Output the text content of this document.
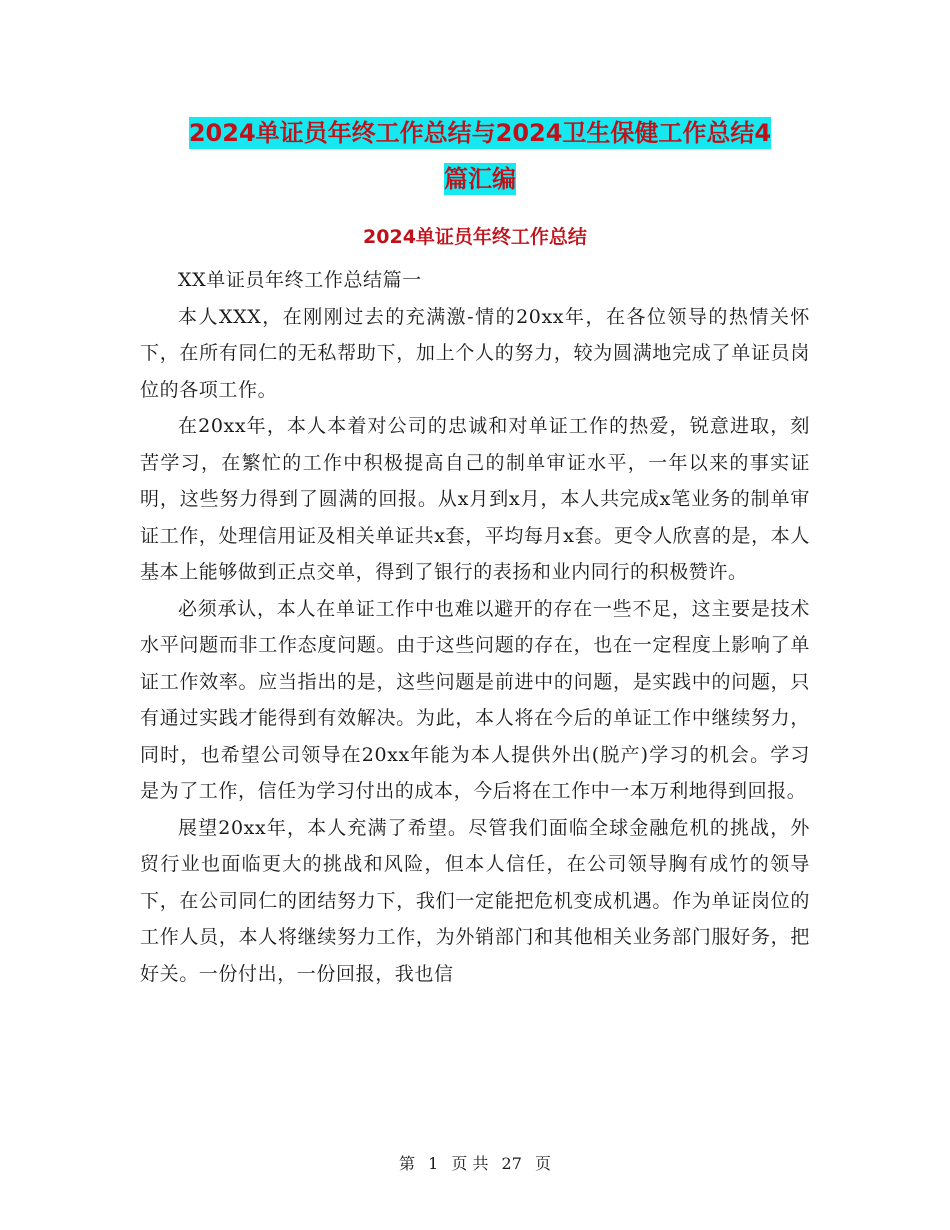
2024单证员年终工作总结与2024卫生保健工作总结4
篇汇编
2024单证员年终工作总结

XX单证员年终工作总结篇一

本人XXX，在刚刚过去的充满激-情的20xx年，在各位领导的热情关怀下，在所有同仁的无私帮助下，加上个人的努力，较为圆满地完成了单证员岗位的各项工作。

在20xx年，本人本着对公司的忠诚和对单证工作的热爱，锐意进取，刻苦学习，在繁忙的工作中积极提高自己的制单审证水平，一年以来的事实证明，这些努力得到了圆满的回报。从x月到x月，本人共完成x笔业务的制单审证工作，处理信用证及相关单证共x套，平均每月x套。更令人欣喜的是，本人基本上能够做到正点交单，得到了银行的表扬和业内同行的积极赞许。

必须承认，本人在单证工作中也难以避开的存在一些不足，这主要是技术水平问题而非工作态度问题。由于这些问题的存在，也在一定程度上影响了单证工作效率。应当指出的是，这些问题是前进中的问题，是实践中的问题，只有通过实践才能得到有效解决。为此，本人将在今后的单证工作中继续努力，同时，也希望公司领导在20xx年能为本人提供外出(脱产)学习的机会。学习是为了工作，信任为学习付出的成本，今后将在工作中一本万利地得到回报。

展望20xx年，本人充满了希望。尽管我们面临全球金融危机的挑战，外贸行业也面临更大的挑战和风险，但本人信任，在公司领导胸有成竹的领导下，在公司同仁的团结努力下，我们一定能把危机变成机遇。作为单证岗位的工作人员，本人将继续努力工作，为外销部门和其他相关业务部门服好务，把好关。一份付出，一份回报，我也信

第 1 页 共 27 页
